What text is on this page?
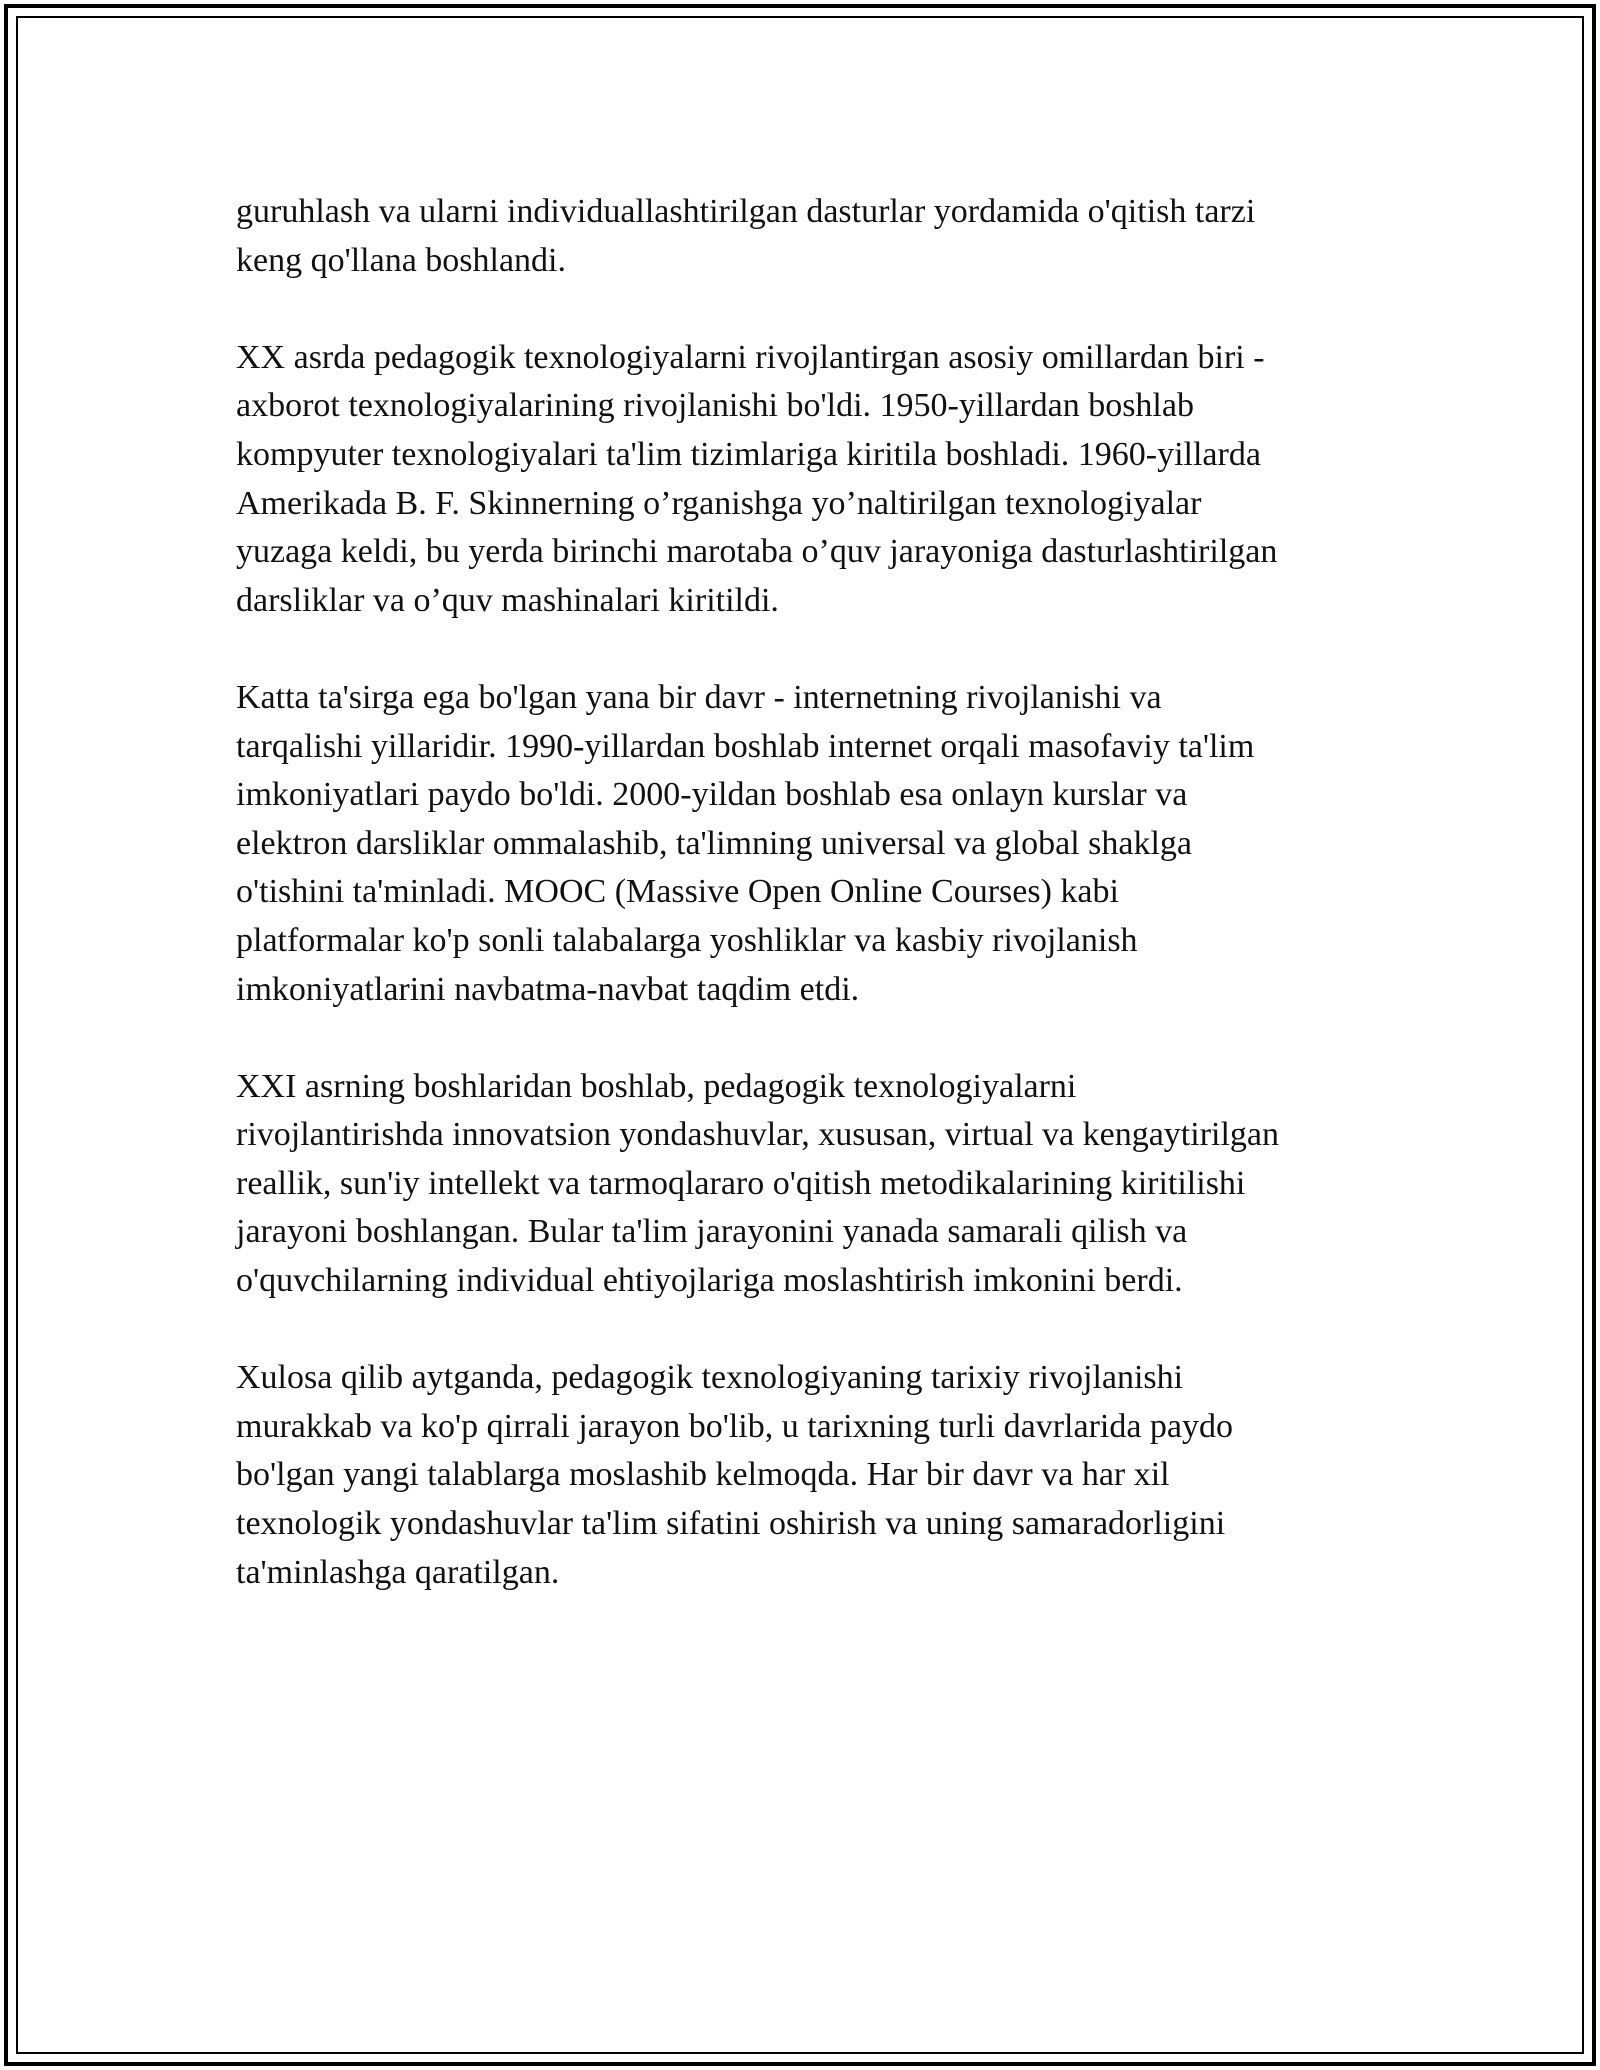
guruhlash va ularni individuallashtirilgan dasturlar yordamida o'qitish tarzi
keng qo'llana boshlandi.
XX asrda pedagogik texnologiyalarni rivojlantirgan asosiy omillardan biri -
axborot texnologiyalarining rivojlanishi bo'ldi. 1950-yillardan boshlab
kompyuter texnologiyalari ta'lim tizimlariga kiritila boshladi. 1960-yillarda
Amerikada B. F. Skinnerning o’rganishga yo’naltirilgan texnologiyalar
yuzaga keldi, bu yerda birinchi marotaba o’quv jarayoniga dasturlashtirilgan
darsliklar va o’quv mashinalari kiritildi.
Katta ta'sirga ega bo'lgan yana bir davr - internetning rivojlanishi va
tarqalishi yillaridir. 1990-yillardan boshlab internet orqali masofaviy ta'lim
imkoniyatlari paydo bo'ldi. 2000-yildan boshlab esa onlayn kurslar va
elektron darsliklar ommalashib, ta'limning universal va global shaklga
o'tishini ta'minladi. MOOC (Massive Open Online Courses) kabi
platformalar ko'p sonli talabalarga yoshliklar va kasbiy rivojlanish
imkoniyatlarini navbatma-navbat taqdim etdi.
XXI asrning boshlaridan boshlab, pedagogik texnologiyalarni
rivojlantirishda innovatsion yondashuvlar, xususan, virtual va kengaytirilgan
reallik, sun'iy intellekt va tarmoqlararo o'qitish metodikalarining kiritilishi
jarayoni boshlangan. Bular ta'lim jarayonini yanada samarali qilish va
o'quvchilarning individual ehtiyojlariga moslashtirish imkonini berdi.
Xulosa qilib aytganda, pedagogik texnologiyaning tarixiy rivojlanishi
murakkab va ko'p qirrali jarayon bo'lib, u tarixning turli davrlarida paydo
bo'lgan yangi talablarga moslashib kelmoqda. Har bir davr va har xil
texnologik yondashuvlar ta'lim sifatini oshirish va uning samaradorligini
ta'minlashga qaratilgan.
